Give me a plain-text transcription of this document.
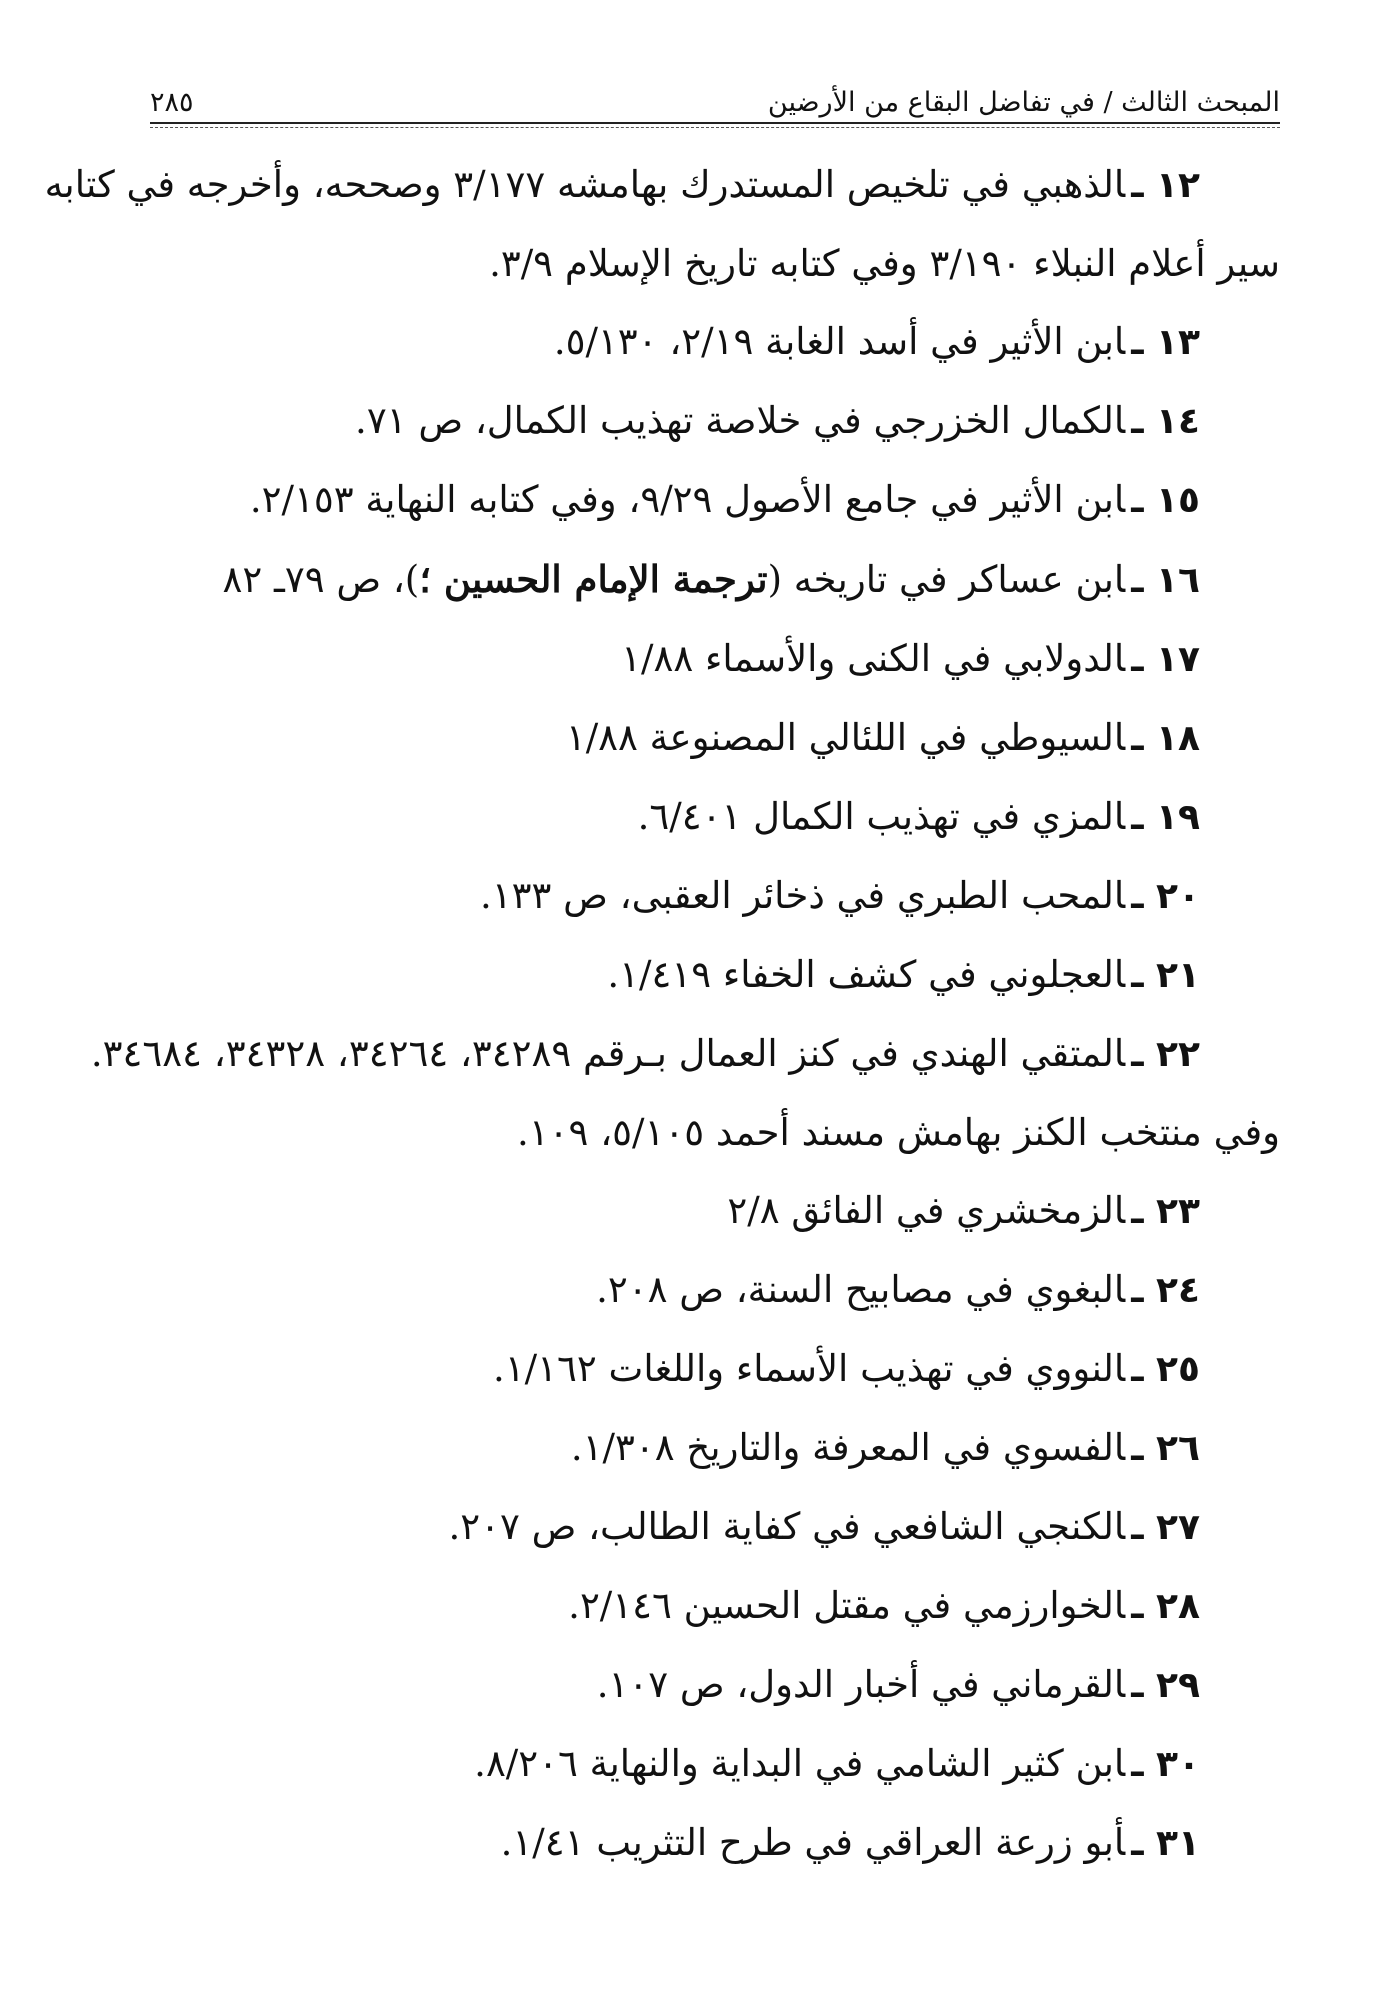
المبحث الثالث / في تفاضل البقاع من الأرضين
٢٨٥
١٢ ـالذهبي في تلخيص المستدرك بهامشه ٣/١٧٧ وصححه، وأخرجه في كتابه
سير أعلام النبلاء ٣/١٩٠ وفي كتابه تاريخ الإسلام ٣/٩.
١٣ ـابن الأثير في أسد الغابة ٢/١٩، ٥/١٣٠.
١٤ ـالكمال الخزرجي في خلاصة تهذيب الكمال، ص ٧١.
١٥ ـابن الأثير في جامع الأصول ٩/٢٩، وفي كتابه النهاية ٢/١٥٣.
١٦ ـابن عساكر في تاريخه (ترجمة الإمام الحسين ؛)، ص ٧٩ـ ٨٢
١٧ ـالدولابي في الكنى والأسماء ١/٨٨
١٨ ـالسيوطي في اللئالي المصنوعة ١/٨٨
١٩ ـالمزي في تهذيب الكمال ٦/٤٠١.
٢٠ ـالمحب الطبري في ذخائر العقبى، ص ١٣٣.
٢١ ـالعجلوني في كشف الخفاء ١/٤١٩.
٢٢ ـالمتقي الهندي في كنز العمال بـرقم ٣٤٢٨٩، ٣٤٢٦٤، ٣٤٣٢٨، ٣٤٦٨٤.
وفي منتخب الكنز بهامش مسند أحمد ٥/١٠٥، ١٠٩.
٢٣ ـالزمخشري في الفائق ٢/٨
٢٤ ـالبغوي في مصابيح السنة، ص ٢٠٨.
٢٥ ـالنووي في تهذيب الأسماء واللغات ١/١٦٢.
٢٦ ـالفسوي في المعرفة والتاريخ ١/٣٠٨.
٢٧ ـالكنجي الشافعي في كفاية الطالب، ص ٢٠٧.
٢٨ ـالخوارزمي في مقتل الحسين ٢/١٤٦.
٢٩ ـالقرماني في أخبار الدول، ص ١٠٧.
٣٠ ـابن كثير الشامي في البداية والنهاية ٨/٢٠٦.
٣١ ـأبو زرعة العراقي في طرح التثريب ١/٤١.
